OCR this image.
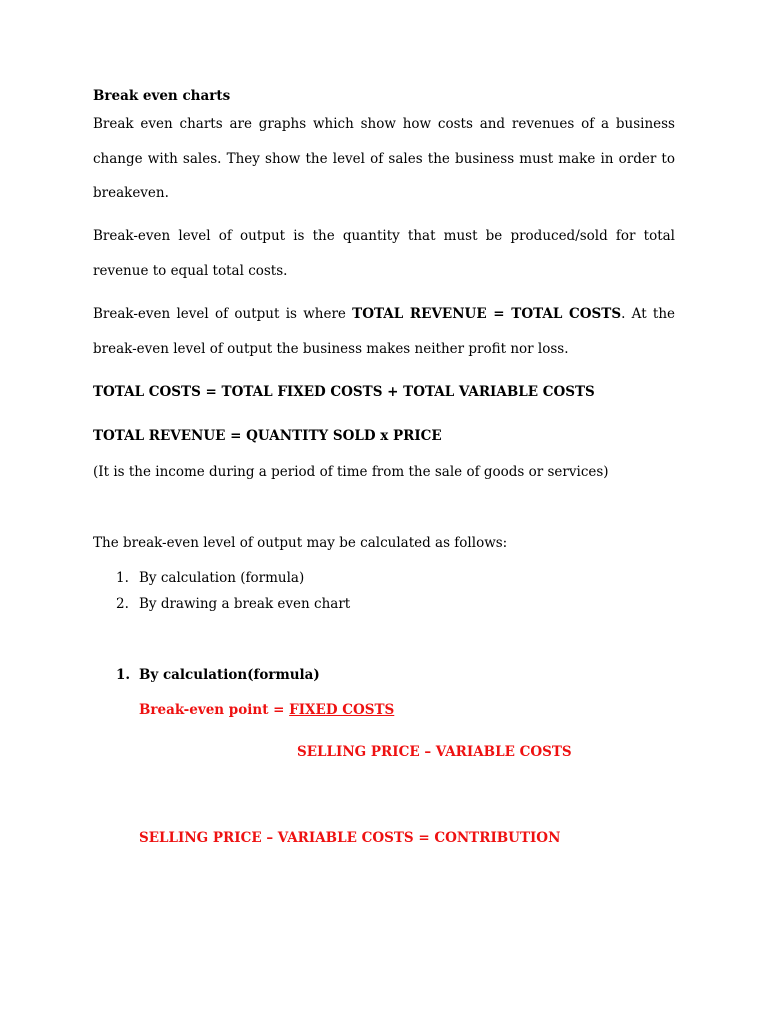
Break even charts
Break even charts are graphs which show how costs and revenues of a business change with sales. They show the level of sales the business must make in order to breakeven.
Break-even level of output is the quantity that must be produced/sold for total revenue to equal total costs.
Break-even level of output is where TOTAL REVENUE = TOTAL COSTS. At the break-even level of output the business makes neither profit nor loss.
TOTAL COSTS = TOTAL FIXED COSTS + TOTAL VARIABLE COSTS
TOTAL REVENUE = QUANTITY SOLD x PRICE
(It is the income during a period of time from the sale of goods or services)
The break-even level of output may be calculated as follows:
1. By calculation (formula)
2. By drawing a break even chart
1. By calculation(formula)
Break-even point = FIXED COSTS
SELLING PRICE – VARIABLE COSTS
SELLING PRICE – VARIABLE COSTS = CONTRIBUTION
